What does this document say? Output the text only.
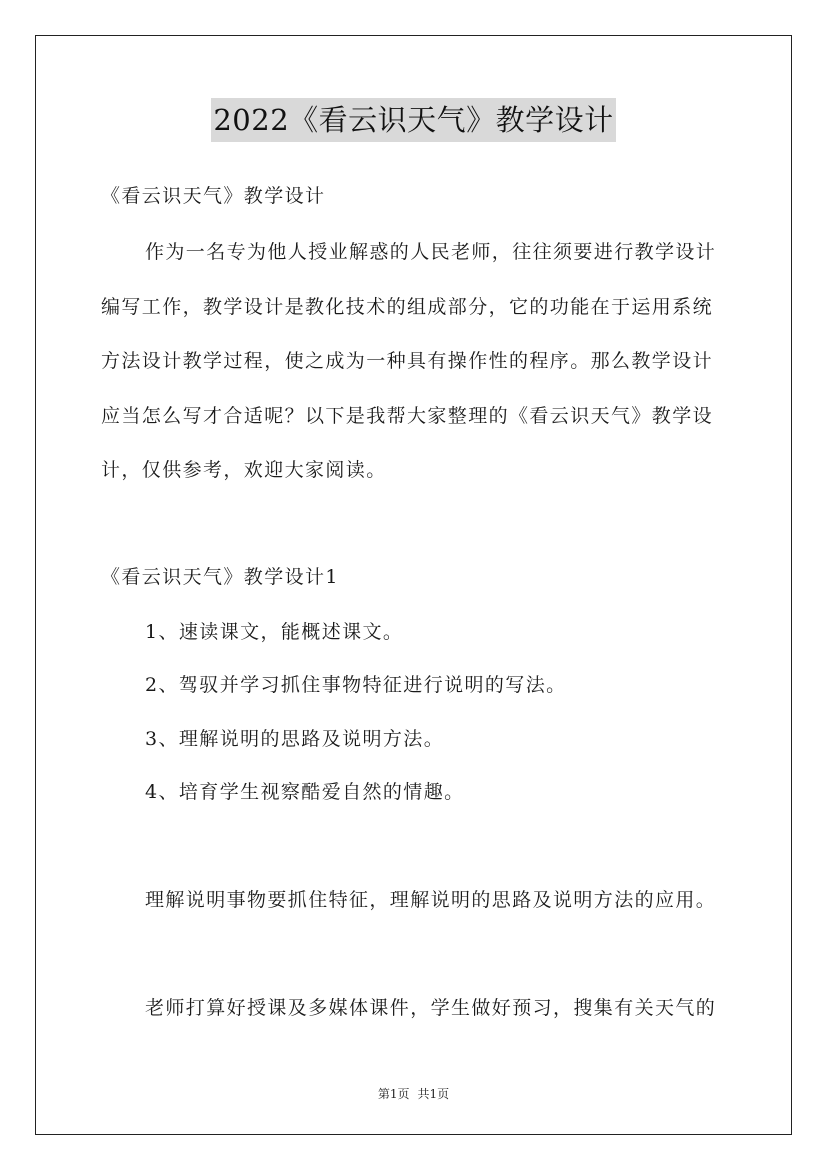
2022《看云识天气》教学设计
《看云识天气》教学设计
作为一名专为他人授业解惑的人民老师，往往须要进行教学设计
编写工作，教学设计是教化技术的组成部分，它的功能在于运用系统
方法设计教学过程，使之成为一种具有操作性的程序。那么教学设计
应当怎么写才合适呢？以下是我帮大家整理的《看云识天气》教学设
计，仅供参考，欢迎大家阅读。
《看云识天气》教学设计1
1、速读课文，能概述课文。
2、驾驭并学习抓住事物特征进行说明的写法。
3、理解说明的思路及说明方法。
4、培育学生视察酷爱自然的情趣。
理解说明事物要抓住特征，理解说明的思路及说明方法的应用。
老师打算好授课及多媒体课件，学生做好预习，搜集有关天气的
第1页 共1页
